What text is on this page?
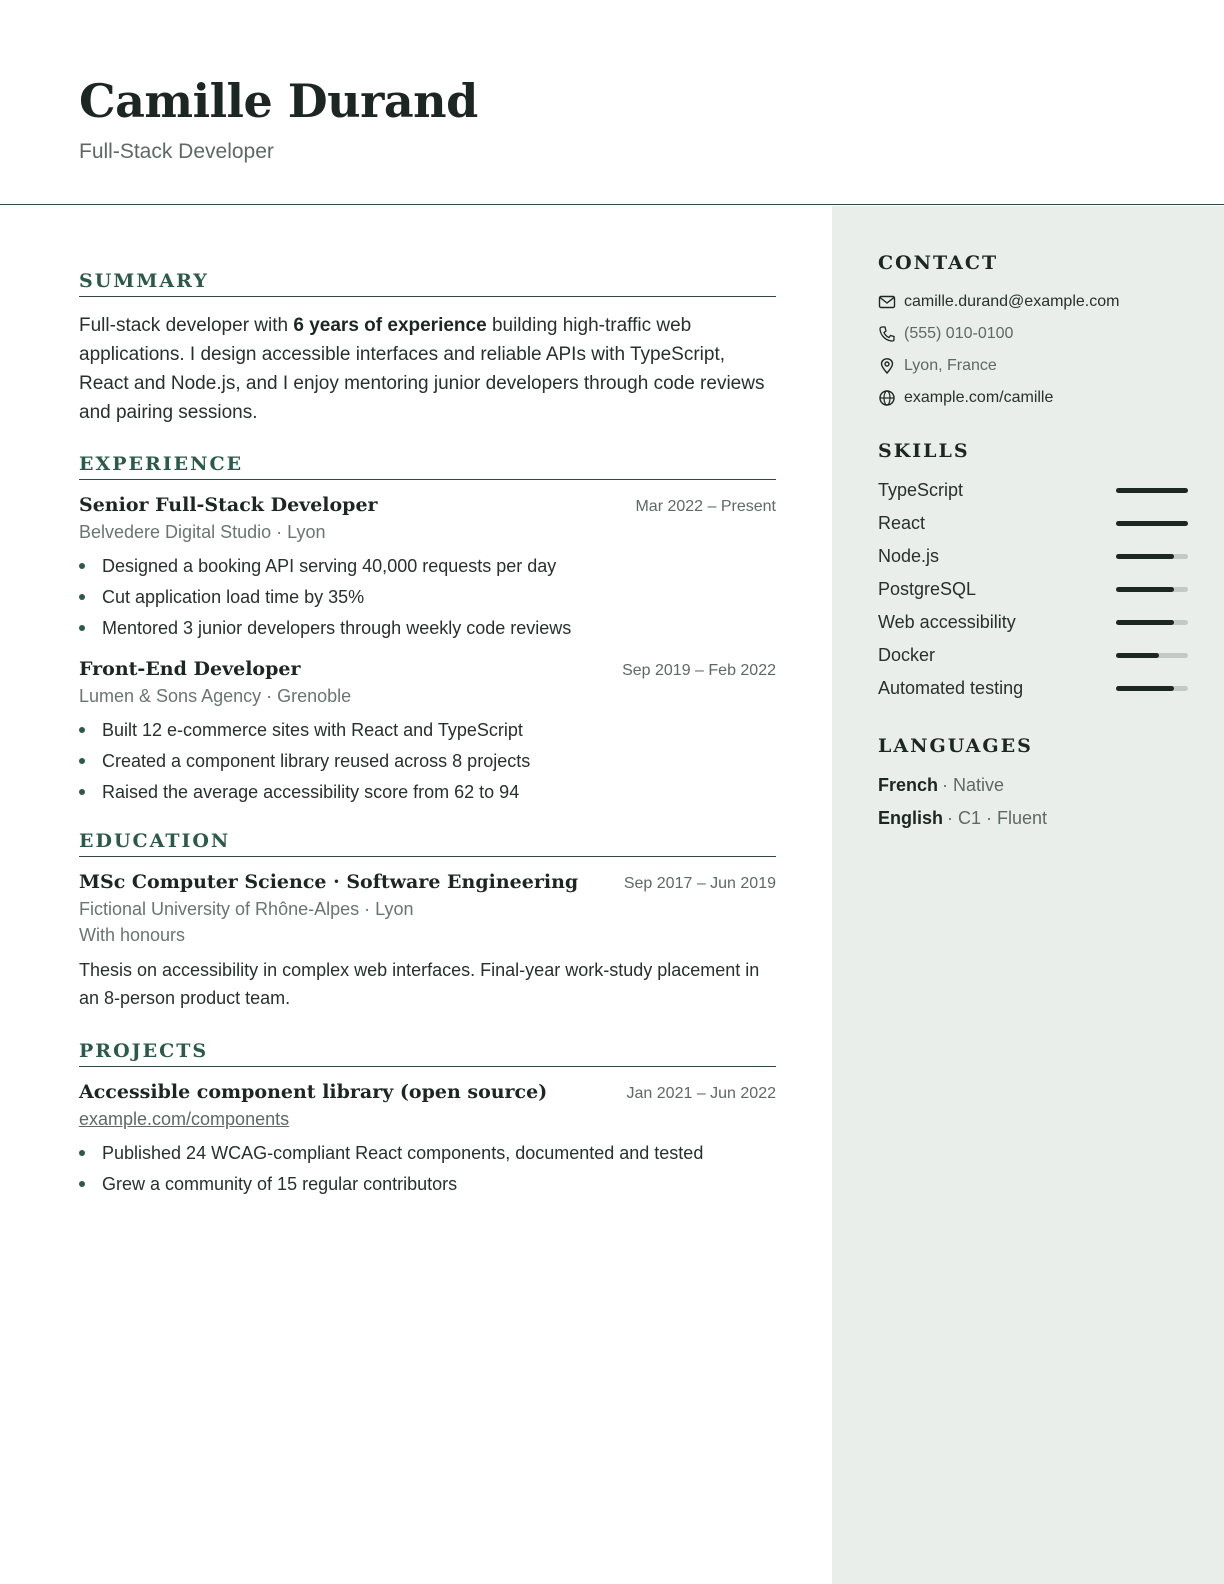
Camille Durand
Full-Stack Developer
CONTACT
camille.durand@example.com
(555) 010-0100
Lyon, France
example.com/camille
SKILLS
TypeScript
React
Node.js
PostgreSQL
Web accessibility
Docker
Automated testing
LANGUAGES
French · Native
English · C1 · Fluent
SUMMARY

Full-stack developer with 6 years of experience building high-traffic web applications. I design accessible interfaces and reliable APIs with TypeScript, React and Node.js, and I enjoy mentoring junior developers through code reviews and pairing sessions.

EXPERIENCE
Senior Full-Stack Developer	Mar 2022 – Present
Belvedere Digital Studio · Lyon
Designed a booking API serving 40,000 requests per day
Cut application load time by 35%
Mentored 3 junior developers through weekly code reviews
Front-End Developer	Sep 2019 – Feb 2022
Lumen & Sons Agency · Grenoble
Built 12 e-commerce sites with React and TypeScript
Created a component library reused across 8 projects
Raised the average accessibility score from 62 to 94
EDUCATION
MSc Computer Science · Software Engineering	Sep 2017 – Jun 2019
Fictional University of Rhône-Alpes · Lyon
With honours
Thesis on accessibility in complex web interfaces. Final-year work-study placement in an 8-person product team.
PROJECTS
Accessible component library (open source)	Jan 2021 – Jun 2022
example.com/components
Published 24 WCAG-compliant React components, documented and tested
Grew a community of 15 regular contributors
